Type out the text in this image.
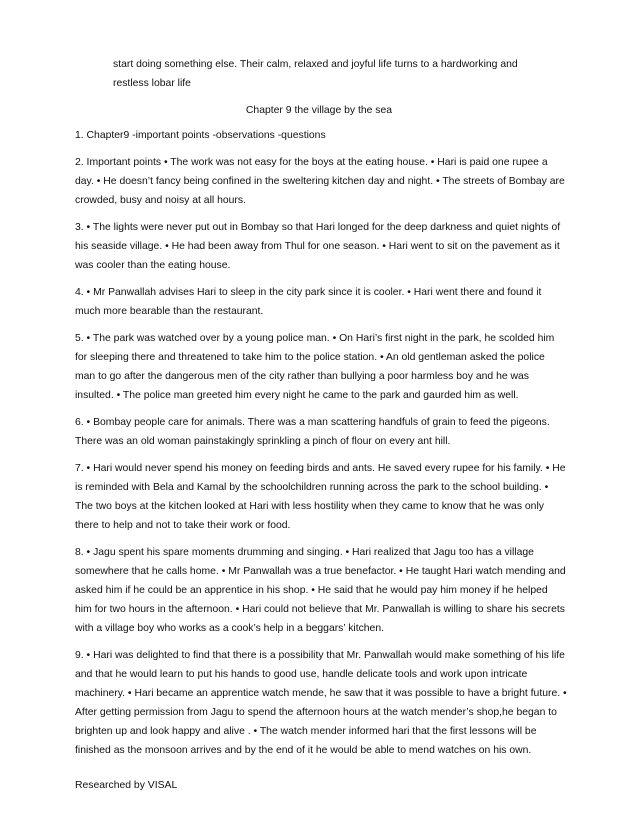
start doing something else. Their calm, relaxed and joyful life turns to a hardworking and restless lobar life
Chapter 9 the village by the sea

1. Chapter9 -important points -observations -questions

2. Important points • The work was not easy for the boys at the eating house. • Hari is paid one rupee a day. • He doesn’t fancy being confined in the sweltering kitchen day and night. • The streets of Bombay are crowded, busy and noisy at all hours.

3. • The lights were never put out in Bombay so that Hari longed for the deep darkness and quiet nights of his seaside village. • He had been away from Thul for one season. • Hari went to sit on the pavement as it was cooler than the eating house.

4. • Mr Panwallah advises Hari to sleep in the city park since it is cooler. • Hari went there and found it much more bearable than the restaurant.

5. • The park was watched over by a young police man. • On Hari’s first night in the park, he scolded him for sleeping there and threatened to take him to the police station. • An old gentleman asked the police man to go after the dangerous men of the city rather than bullying a poor harmless boy and he was insulted. • The police man greeted him every night he came to the park and gaurded him as well.

6. • Bombay people care for animals. There was a man scattering handfuls of grain to feed the pigeons. There was an old woman painstakingly sprinkling a pinch of flour on every ant hill.

7. • Hari would never spend his money on feeding birds and ants. He saved every rupee for his family. • He is reminded with Bela and Kamal by the schoolchildren running across the park to the school building. • The two boys at the kitchen looked at Hari with less hostility when they came to know that he was only there to help and not to take their work or food.

8. • Jagu spent his spare moments drumming and singing. • Hari realized that Jagu too has a village somewhere that he calls home. • Mr Panwallah was a true benefactor. • He taught Hari watch mending and asked him if he could be an apprentice in his shop. • He said that he would pay him money if he helped him for two hours in the afternoon. • Hari could not believe that Mr. Panwallah is willing to share his secrets with a village boy who works as a cook’s help in a beggars’ kitchen.

9. • Hari was delighted to find that there is a possibility that Mr. Panwallah would make something of his life and that he would learn to put his hands to good use, handle delicate tools and work upon intricate machinery. • Hari became an apprentice watch mende, he saw that it was possible to have a bright future. • After getting permission from Jagu to spend the afternoon hours at the watch mender’s shop,he began to brighten up and look happy and alive . • The watch mender informed hari that the first lessons will be finished as the monsoon arrives and by the end of it he would be able to mend watches on his own.

Researched by VISAL
